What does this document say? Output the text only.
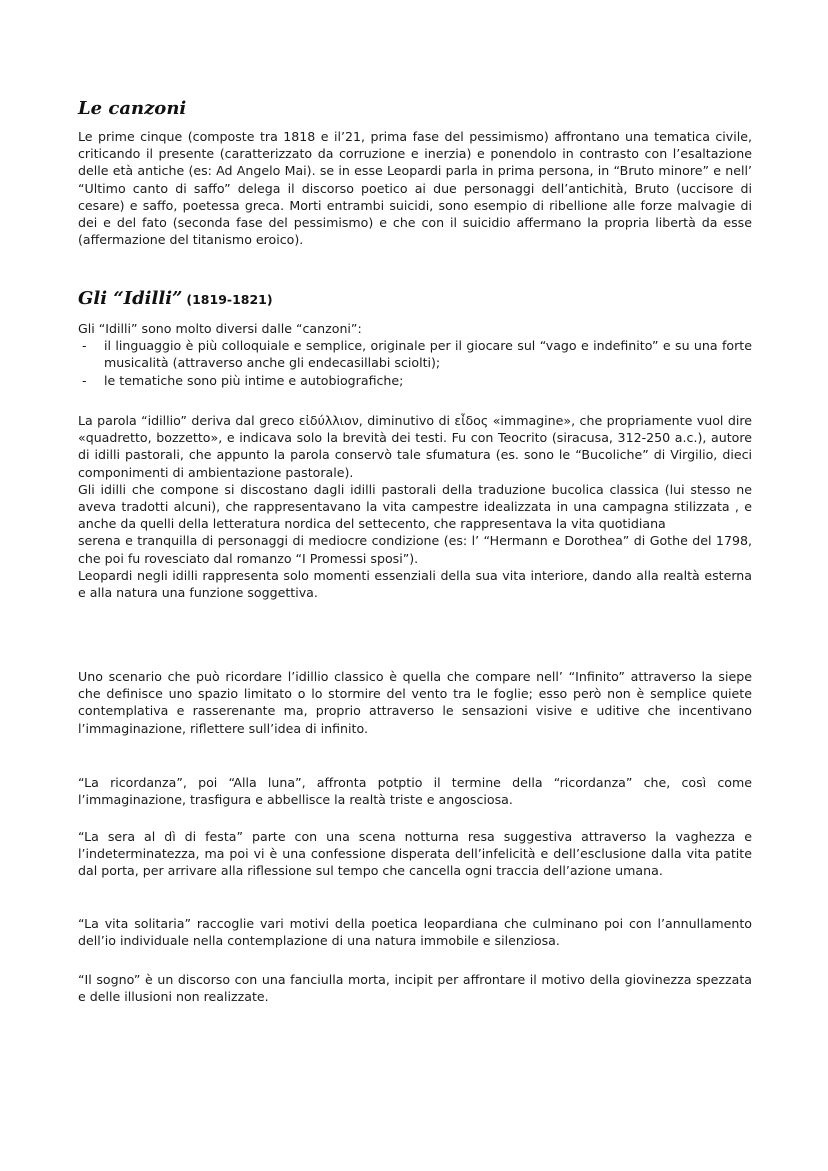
Le canzoni

Le prime cinque (composte tra 1818 e il’21, prima fase del pessimismo) affrontano una tematica civile, criticando il presente (caratterizzato da corruzione e inerzia) e ponendolo in contrasto con l’esaltazione delle età antiche (es: Ad Angelo Mai). se in esse Leopardi parla in prima persona, in “Bruto minore” e nell’ “Ultimo canto di saffo” delega il discorso poetico ai due personaggi dell’antichità, Bruto (uccisore di cesare) e saffo, poetessa greca. Morti entrambi suicidi, sono esempio di ribellione alle forze malvagie di dei e del fato (seconda fase del pessimismo) e che con il suicidio affermano la propria libertà da esse (affermazione del titanismo eroico).

Gli “Idilli” (1819-1821)

Gli “Idilli” sono molto diversi dalle “canzoni”:

- il linguaggio è più colloquiale e semplice, originale per il giocare sul “vago e indefinito” e su una forte musicalità (attraverso anche gli endecasillabi sciolti);
- le tematiche sono più intime e autobiografiche;

La parola “idillio” deriva dal greco εἰδύλλιον, diminutivo di εἶδος «immagine», che propriamente vuol dire «quadretto, bozzetto», e indicava solo la brevità dei testi. Fu con Teocrito (siracusa, 312-250 a.c.), autore di idilli pastorali, che appunto la parola conservò tale sfumatura (es. sono le “Bucoliche” di Virgilio, dieci componimenti di ambientazione pastorale).

Gli idilli che compone si discostano dagli idilli pastorali della traduzione bucolica classica (lui stesso ne aveva tradotti alcuni), che rappresentavano la vita campestre idealizzata in una campagna stilizzata , e anche da quelli della letteratura nordica del settecento, che rappresentava la vita quotidiana

serena e tranquilla di personaggi di mediocre condizione (es: l’ “Hermann e Dorothea” di Gothe del 1798, che poi fu rovesciato dal romanzo “I Promessi sposi”).

Leopardi negli idilli rappresenta solo momenti essenziali della sua vita interiore, dando alla realtà esterna e alla natura una funzione soggettiva.

Uno scenario che può ricordare l’idillio classico è quella che compare nell’ “Infinito” attraverso la siepe che definisce uno spazio limitato o lo stormire del vento tra le foglie; esso però non è semplice quiete contemplativa e rasserenante ma, proprio attraverso le sensazioni visive e uditive che incentivano l’immaginazione, riflettere sull’idea di infinito.
“La ricordanza”, poi “Alla luna”, affronta potptio il termine della “ricordanza” che, così come l’immaginazione, trasfigura e abbellisce la realtà triste e angosciosa.
“La sera al dì di festa” parte con una scena notturna resa suggestiva attraverso la vaghezza e l’indeterminatezza, ma poi vi è una confessione disperata dell’infelicità e dell’esclusione dalla vita patite dal porta, per arrivare alla riflessione sul tempo che cancella ogni traccia dell’azione umana.
“La vita solitaria” raccoglie vari motivi della poetica leopardiana che culminano poi con l’annullamento dell’io individuale nella contemplazione di una natura immobile e silenziosa.
“Il sogno” è un discorso con una fanciulla morta, incipit per affrontare il motivo della giovinezza spezzata e delle illusioni non realizzate.
